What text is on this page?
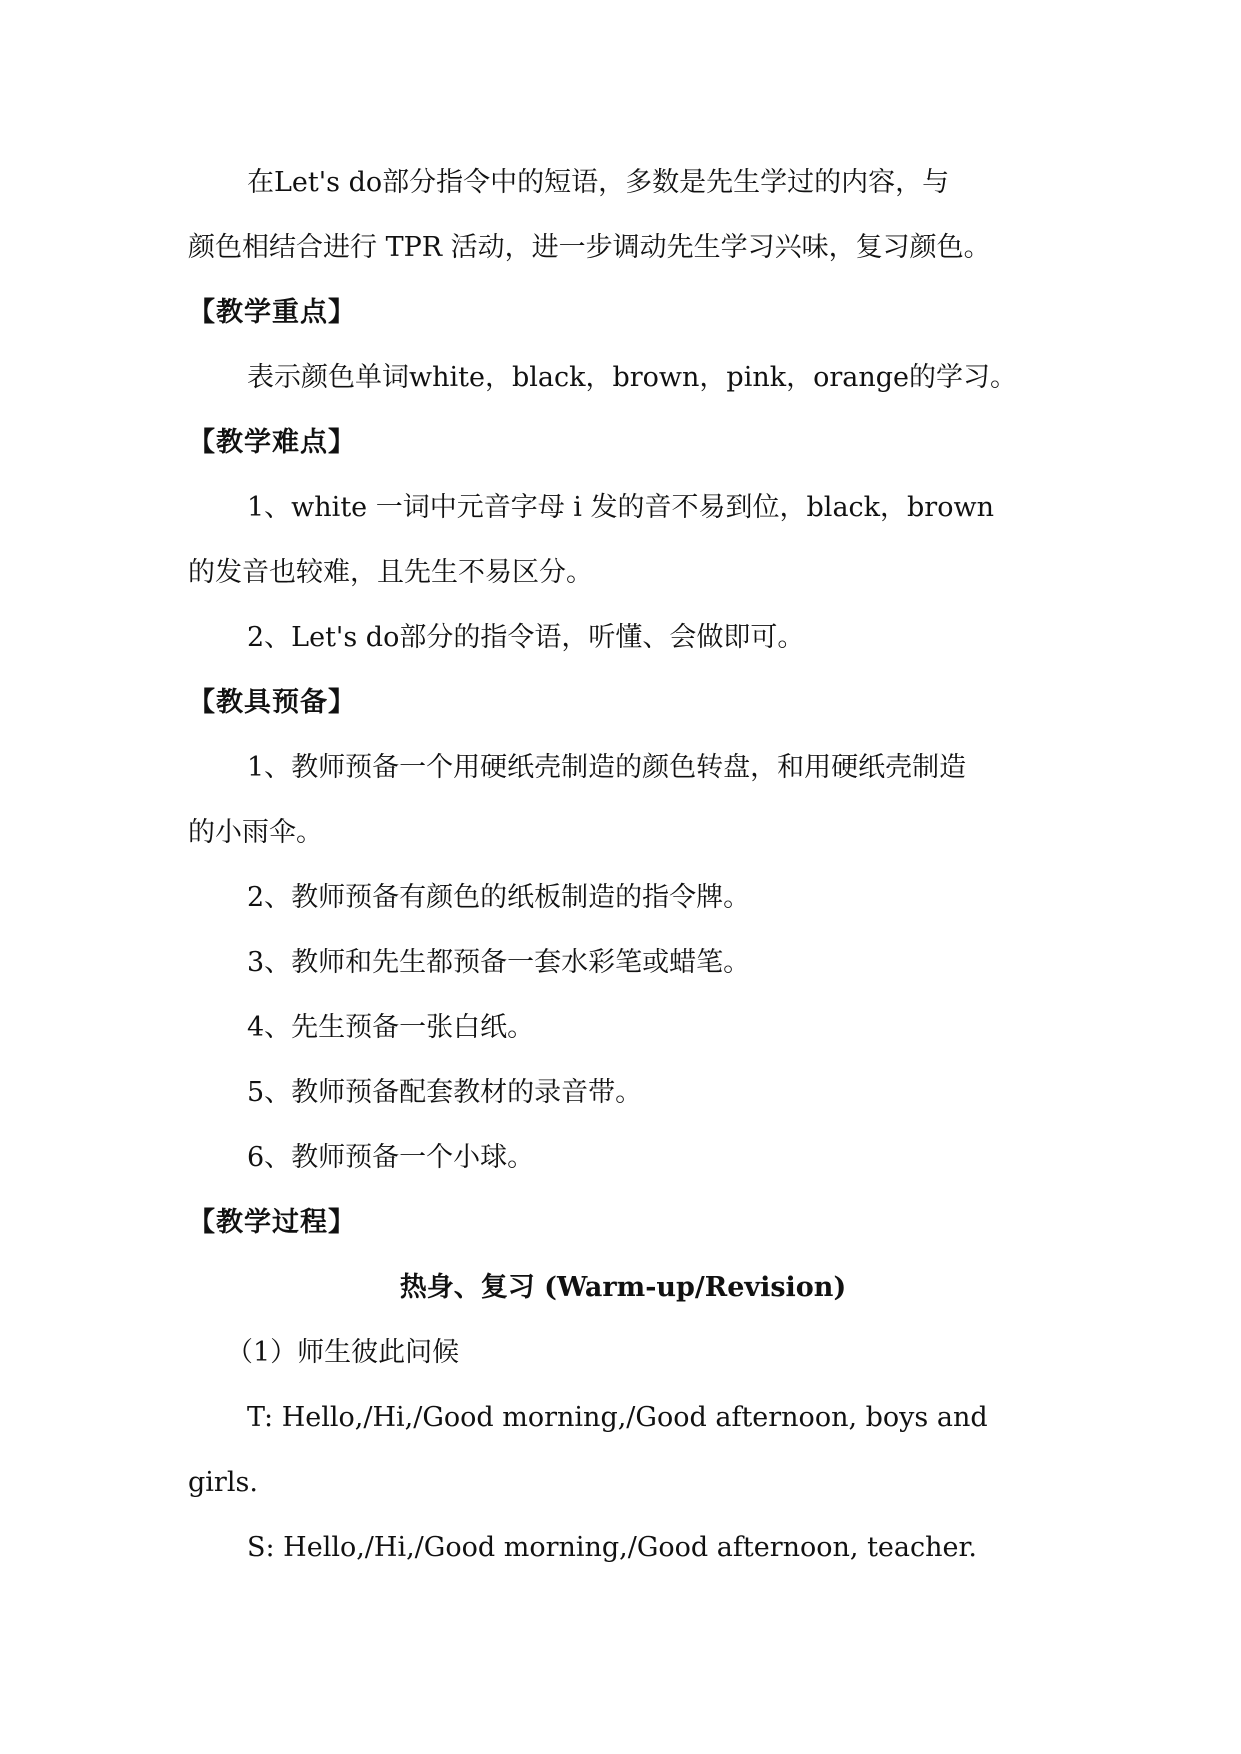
在Let's do部分指令中的短语，多数是先生学过的内容，与
颜色相结合进行 TPR 活动，进一步调动先生学习兴味，复习颜色。
【教学重点】
表示颜色单词white，black，brown，pink，orange的学习。
【教学难点】
1、white 一词中元音字母 i 发的音不易到位，black，brown
的发音也较难，且先生不易区分。
2、Let's do部分的指令语，听懂、会做即可。
【教具预备】
1、教师预备一个用硬纸壳制造的颜色转盘，和用硬纸壳制造
的小雨伞。
2、教师预备有颜色的纸板制造的指令牌。
3、教师和先生都预备一套水彩笔或蜡笔。
4、先生预备一张白纸。
5、教师预备配套教材的录音带。
6、教师预备一个小球。
【教学过程】
热身、复习 (Warm-up/Revision)
（1）师生彼此问候
T: Hello,/Hi,/Good morning,/Good afternoon, boys and
girls.
S: Hello,/Hi,/Good morning,/Good afternoon, teacher.
